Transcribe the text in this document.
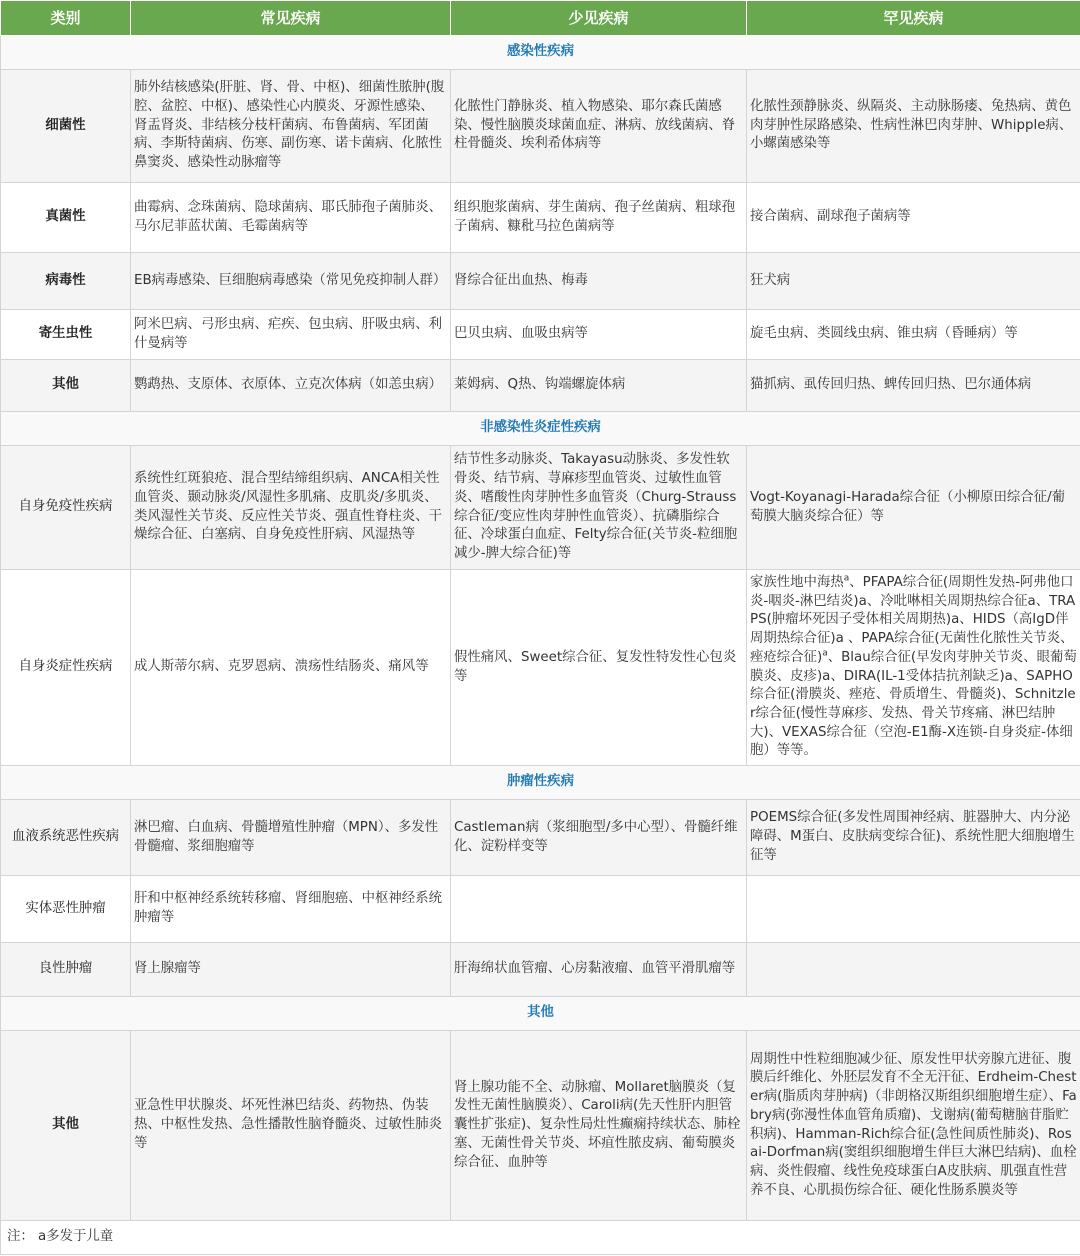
类别	常见疾病	少见疾病	罕见疾病
感染性疾病			
细菌性	肺外结核感染(肝脏、肾、骨、中枢)、细菌性脓肿(腹腔、盆腔、中枢)、感染性心内膜炎、牙源性感染、肾盂肾炎、非结核分枝杆菌病、布鲁菌病、军团菌病、李斯特菌病、伤寒、副伤寒、诺卡菌病、化脓性鼻窦炎、感染性动脉瘤等	化脓性门静脉炎、植入物感染、耶尔森氏菌感染、慢性脑膜炎球菌血症、淋病、放线菌病、脊柱骨髓炎、埃利希体病等	化脓性颈静脉炎、纵隔炎、主动脉肠瘘、兔热病、黄色肉芽肿性尿路感染、性病性淋巴肉芽肿、Whipple病、小螺菌感染等
真菌性	曲霉病、念珠菌病、隐球菌病、耶氏肺孢子菌肺炎、马尔尼菲蓝状菌、毛霉菌病等	组织胞浆菌病、芽生菌病、孢子丝菌病、粗球孢子菌病、糠秕马拉色菌病等	接合菌病、副球孢子菌病等
病毒性	EB病毒感染、巨细胞病毒感染（常见免疫抑制人群）	肾综合征出血热、梅毒	狂犬病
寄生虫性	阿米巴病、弓形虫病、疟疾、包虫病、肝吸虫病、利什曼病等	巴贝虫病、血吸虫病等	旋毛虫病、类圆线虫病、锥虫病（昏睡病）等
其他	鹦鹉热、支原体、衣原体、立克次体病（如恙虫病）	莱姆病、Q热、钩端螺旋体病	猫抓病、虱传回归热、蜱传回归热、巴尔通体病
非感染性炎症性疾病			
自身免疫性疾病	系统性红斑狼疮、混合型结缔组织病、ANCA相关性血管炎、颞动脉炎/风湿性多肌痛、皮肌炎/多肌炎、类风湿性关节炎、反应性关节炎、强直性脊柱炎、干燥综合征、白塞病、自身免疫性肝病、风湿热等	结节性多动脉炎、Takayasu动脉炎、多发性软骨炎、结节病、荨麻疹型血管炎、过敏性血管炎、嗜酸性肉芽肿性多血管炎（Churg-Strauss综合征/变应性肉芽肿性血管炎）、抗磷脂综合征、冷球蛋白血症、Felty综合征(关节炎-粒细胞减少-脾大综合征)等	Vogt-Koyanagi-Harada综合征（小柳原田综合征/葡萄膜大脑炎综合征）等
自身炎症性疾病	成人斯蒂尔病、克罗恩病、溃疡性结肠炎、痛风等	假性痛风、Sweet综合征、复发性特发性心包炎等	家族性地中海热$^a$、PFAPA综合征(周期性发热-阿弗他口炎-咽炎-淋巴结炎)a、冷吡啉相关周期热综合征a、TRAPS(肿瘤坏死因子受体相关周期热)a、HIDS（高IgD伴周期热综合征)a 、PAPA综合征(无菌性化脓性关节炎、痤疮综合征)$^a$、Blau综合征(早发肉芽肿关节炎、眼葡萄膜炎、皮疹)a、DIRA(IL-1受体拮抗剂缺乏)a、SAPHO综合征(滑膜炎、痤疮、骨质增生、骨髓炎)、Schnitzler综合征(慢性荨麻疹、发热、骨关节疼痛、淋巴结肿大)、VEXAS综合征（空泡-E1酶-X连锁-自身炎症-体细胞）等等。
肿瘤性疾病			
血液系统恶性疾病	淋巴瘤、白血病、骨髓增殖性肿瘤（MPN）、多发性骨髓瘤、浆细胞瘤等	Castleman病（浆细胞型/多中心型）、骨髓纤维化、淀粉样变等	POEMS综合征(多发性周围神经病、脏器肿大、内分泌障碍、M蛋白、皮肤病变综合征)、系统性肥大细胞增生征等
实体恶性肿瘤	肝和中枢神经系统转移瘤、肾细胞癌、中枢神经系统肿瘤等		
良性肿瘤	肾上腺瘤等	肝海绵状血管瘤、心房黏液瘤、血管平滑肌瘤等	
其他			
其他	亚急性甲状腺炎、坏死性淋巴结炎、药物热、伪装热、中枢性发热、急性播散性脑脊髓炎、过敏性肺炎等	肾上腺功能不全、动脉瘤、Mollaret脑膜炎（复发性无菌性脑膜炎）、Caroli病(先天性肝内胆管囊性扩张症)、复杂性局灶性癫痫持续状态、肺栓塞、无菌性骨关节炎、坏疽性脓皮病、葡萄膜炎综合征、血肿等	周期性中性粒细胞减少征、原发性甲状旁腺亢进征、腹膜后纤维化、外胚层发育不全无汗征、Erdheim-Chester病(脂质肉芽肿病)（非朗格汉斯组织细胞增生症）、Fabry病(弥漫性体血管角质瘤)、戈谢病(葡萄糖脑苷脂贮积病)、Hamman-Rich综合征(急性间质性肺炎)、Rosai-Dorfman病(窦组织细胞增生伴巨大淋巴结病)、血栓病、炎性假瘤、线性免疫球蛋白A皮肤病、肌强直性营养不良、心肌损伤综合征、硬化性肠系膜炎等
注： a多发于儿童			
